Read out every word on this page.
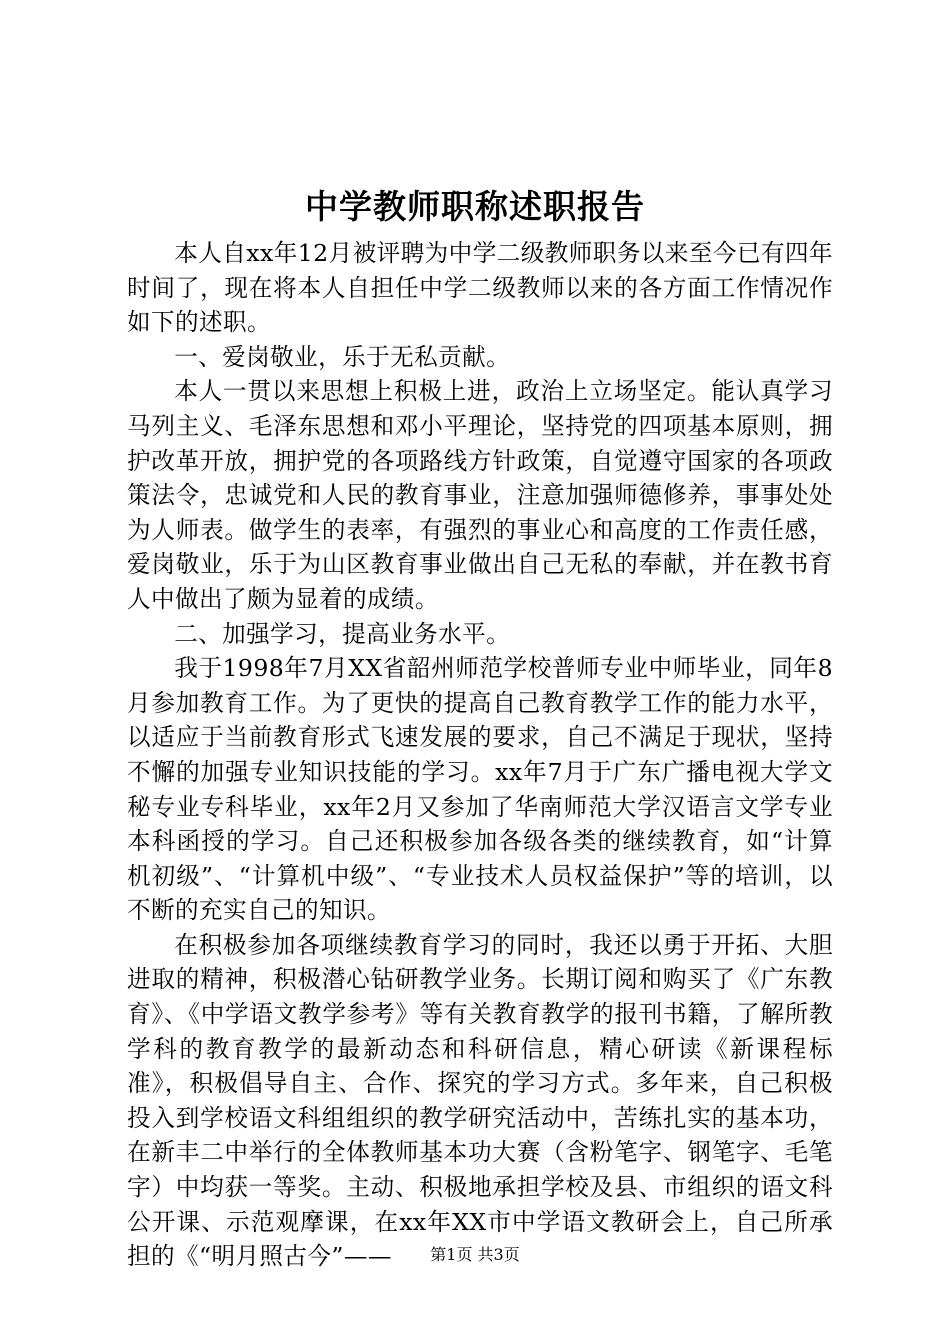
中学教师职称述职报告

本人自xx年12月被评聘为中学二级教师职务以来至今已有四年时间了，现在将本人自担任中学二级教师以来的各方面工作情况作如下的述职。

一、爱岗敬业，乐于无私贡献。

本人一贯以来思想上积极上进，政治上立场坚定。能认真学习马列主义、毛泽东思想和邓小平理论，坚持党的四项基本原则，拥护改革开放，拥护党的各项路线方针政策，自觉遵守国家的各项政策法令，忠诚党和人民的教育事业，注意加强师德修养，事事处处为人师表。做学生的表率，有强烈的事业心和高度的工作责任感，爱岗敬业，乐于为山区教育事业做出自己无私的奉献，并在教书育人中做出了颇为显着的成绩。

二、加强学习，提高业务水平。

我于1998年7月XX省韶州师范学校普师专业中师毕业，同年8月参加教育工作。为了更快的提高自己教育教学工作的能力水平，以适应于当前教育形式飞速发展的要求，自己不满足于现状，坚持不懈的加强专业知识技能的学习。xx年7月于广东广播电视大学文秘专业专科毕业，xx年2月又参加了华南师范大学汉语言文学专业本科函授的学习。自己还积极参加各级各类的继续教育，如“计算机初级”、“计算机中级”、“专业技术人员权益保护”等的培训，以不断的充实自己的知识。

在积极参加各项继续教育学习的同时，我还以勇于开拓、大胆进取的精神，积极潜心钻研教学业务。长期订阅和购买了《广东教育》、《中学语文教学参考》等有关教育教学的报刊书籍，了解所教学科的教育教学的最新动态和科研信息，精心研读《新课程标准》，积极倡导自主、合作、探究的学习方式。多年来，自己积极投入到学校语文科组组织的教学研究活动中，苦练扎实的基本功，在新丰二中举行的全体教师基本功大赛（含粉笔字、钢笔字、毛笔字）中均获一等奖。主动、积极地承担学校及县、市组织的语文科公开课、示范观摩课，在xx年XX市中学语文教研会上，自己所承担的《“明月照古今”——	第1页 共3页
